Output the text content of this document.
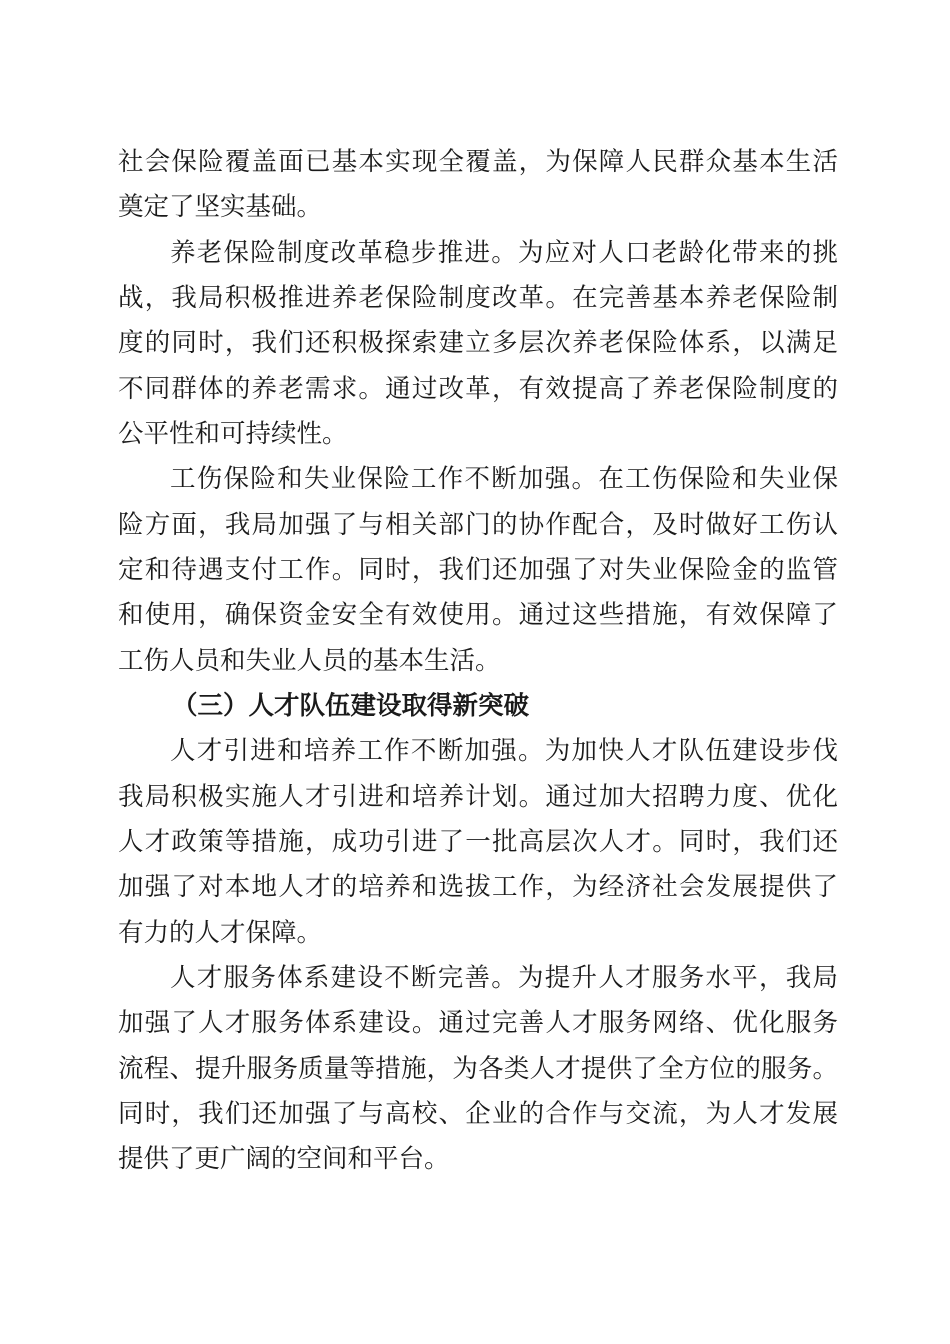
社会保险覆盖面已基本实现全覆盖，为保障人民群众基本生活
奠定了坚实基础。
养老保险制度改革稳步推进。为应对人口老龄化带来的挑
战，我局积极推进养老保险制度改革。在完善基本养老保险制
度的同时，我们还积极探索建立多层次养老保险体系，以满足
不同群体的养老需求。通过改革，有效提高了养老保险制度的
公平性和可持续性。
工伤保险和失业保险工作不断加强。在工伤保险和失业保
险方面，我局加强了与相关部门的协作配合，及时做好工伤认
定和待遇支付工作。同时，我们还加强了对失业保险金的监管
和使用，确保资金安全有效使用。通过这些措施，有效保障了
工伤人员和失业人员的基本生活。
（三）人才队伍建设取得新突破
人才引进和培养工作不断加强。为加快人才队伍建设步伐
我局积极实施人才引进和培养计划。通过加大招聘力度、优化
人才政策等措施，成功引进了一批高层次人才。同时，我们还
加强了对本地人才的培养和选拔工作，为经济社会发展提供了
有力的人才保障。
人才服务体系建设不断完善。为提升人才服务水平，我局
加强了人才服务体系建设。通过完善人才服务网络、优化服务
流程、提升服务质量等措施，为各类人才提供了全方位的服务。
同时，我们还加强了与高校、企业的合作与交流，为人才发展
提供了更广阔的空间和平台。
